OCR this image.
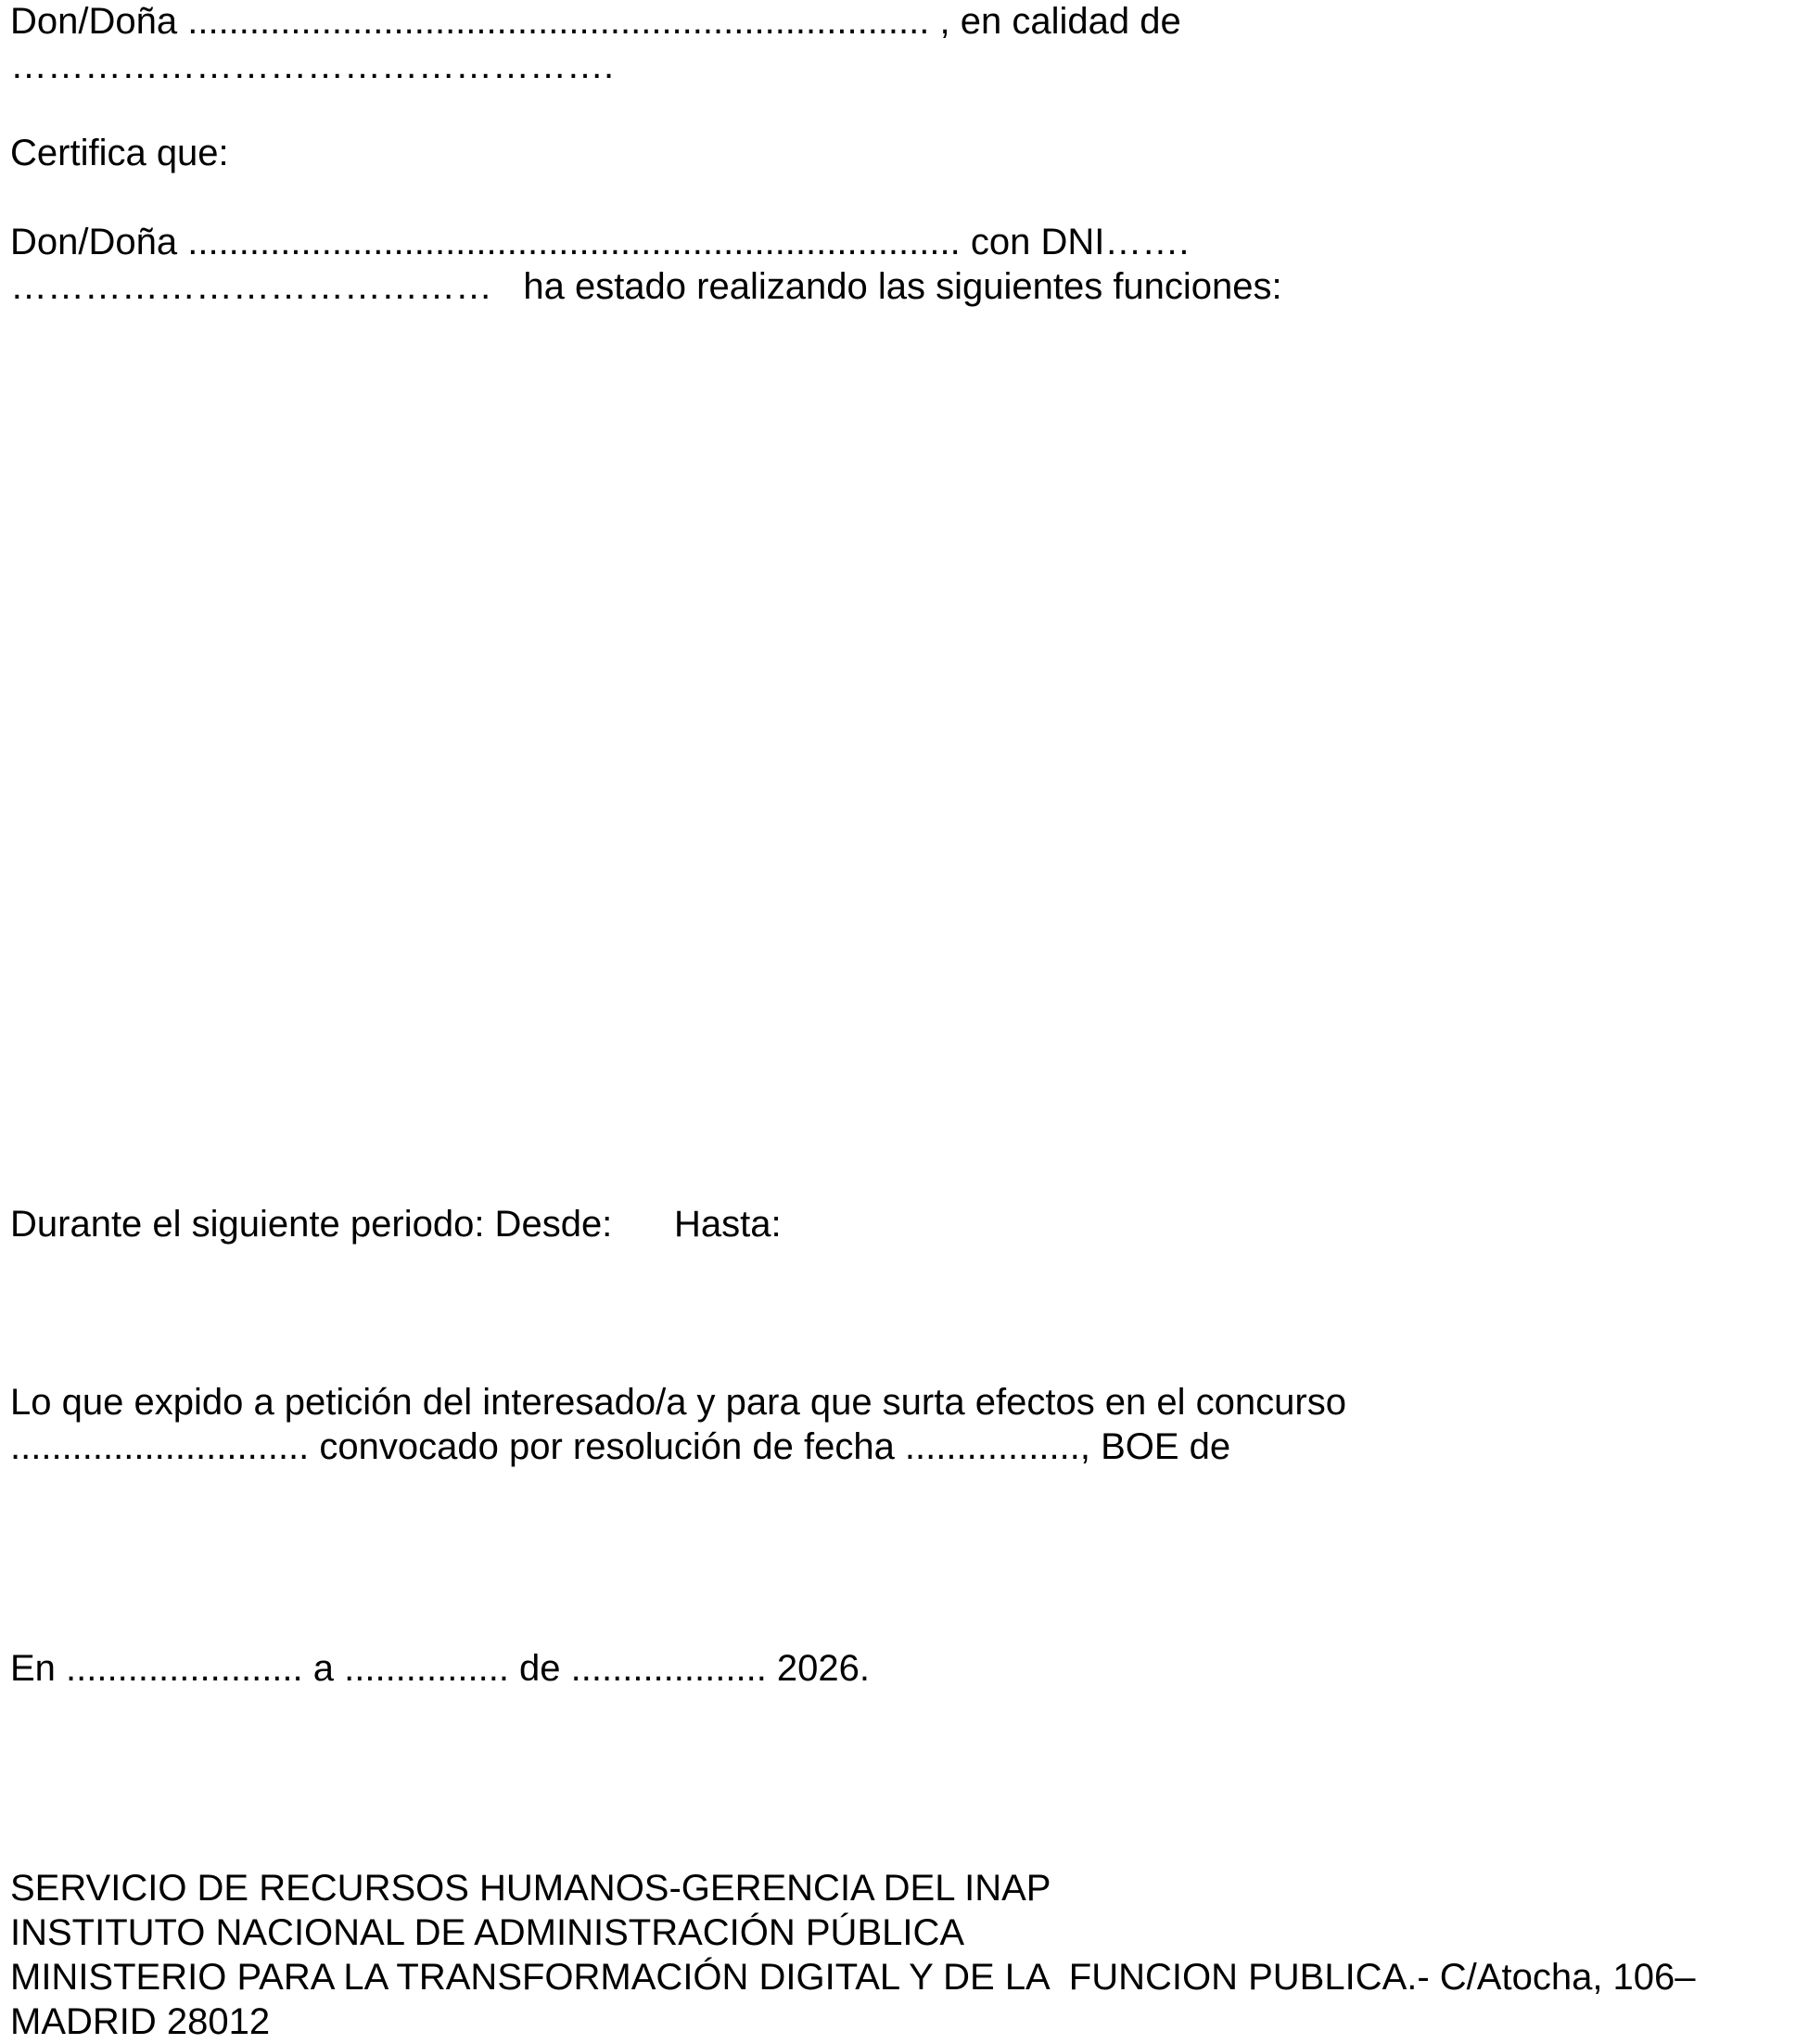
Don/Doña ........................................................................ , en calidad de
………………………………………….
Certifica que:
Don/Doña ........................................................................... con DNI…….
…………………………………   ha estado realizando las siguientes funciones:
Durante el siguiente periodo: Desde:      Hasta:
Lo que expido a petición del interesado/a y para que surta efectos en el concurso
............................. convocado por resolución de fecha ................., BOE de
En ....................... a ................ de ................... 2026.
SERVICIO DE RECURSOS HUMANOS-GERENCIA DEL INAP
INSTITUTO NACIONAL DE ADMINISTRACIÓN PÚBLICA
MINISTERIO PARA LA TRANSFORMACIÓN DIGITAL Y DE LA  FUNCION PUBLICA.- C/Atocha, 106–
MADRID 28012
